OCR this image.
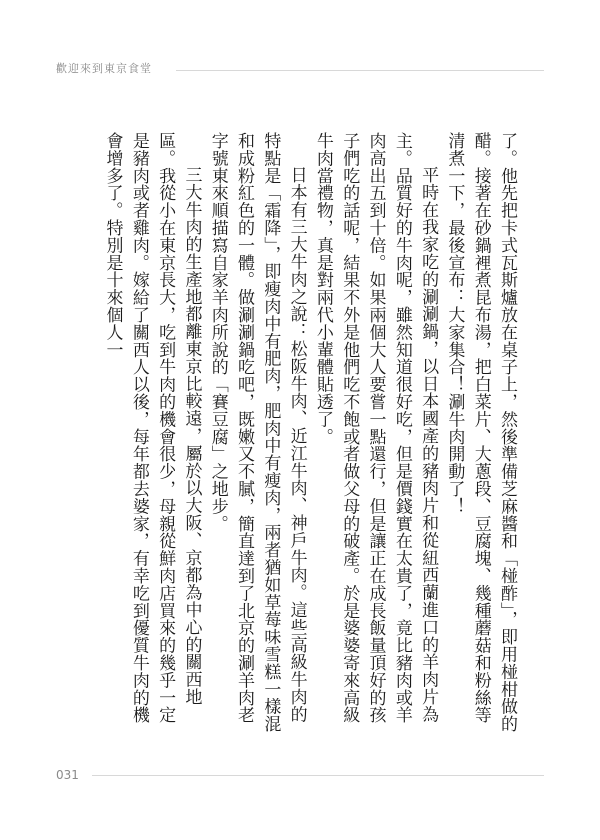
歡迎來到東京食堂

了。他先把卡式瓦斯爐放在桌子上，然後準備芝麻醬和「椪酢」，即用椪柑做的醋。接著在砂鍋裡煮昆布湯，把白菜片、大蔥段、豆腐塊、幾種蘑菇和粉絲等清煮一下，最後宣布：大家集合！涮牛肉開動了！

平時在我家吃的涮涮鍋，以日本國產的豬肉片和從紐西蘭進口的羊肉片為主。品質好的牛肉呢，雖然知道很好吃，但是價錢實在太貴了，竟比豬肉或羊肉高出五到十倍。如果兩個大人要嘗一點還行，但是讓正在成長飯量頂好的孩子們吃的話呢，結果不外是他們吃不飽或者做父母的破產。於是婆婆寄來高級牛肉當禮物，真是對兩代小輩體貼透了。

日本有三大牛肉之說：松阪牛肉、近江牛肉、神戶牛肉。這些高級牛肉的特點是「霜降」，即瘦肉中有肥肉，肥肉中有瘦肉，兩者猶如草莓味雪糕一樣混和成粉紅色的一體。做涮涮鍋吃吧，既嫩又不膩，簡直達到了北京的涮羊肉老字號東來順描寫自家羊肉所說的「賽豆腐」之地步。

三大牛肉的生產地都離東京比較遠，屬於以大阪、京都為中心的關西地區。我從小在東京長大，吃到牛肉的機會很少，母親從鮮肉店買來的幾乎一定是豬肉或者雞肉。嫁給了關西人以後，每年都去婆家，有幸吃到優質牛肉的機會增多了。特別是十來個人一

031
